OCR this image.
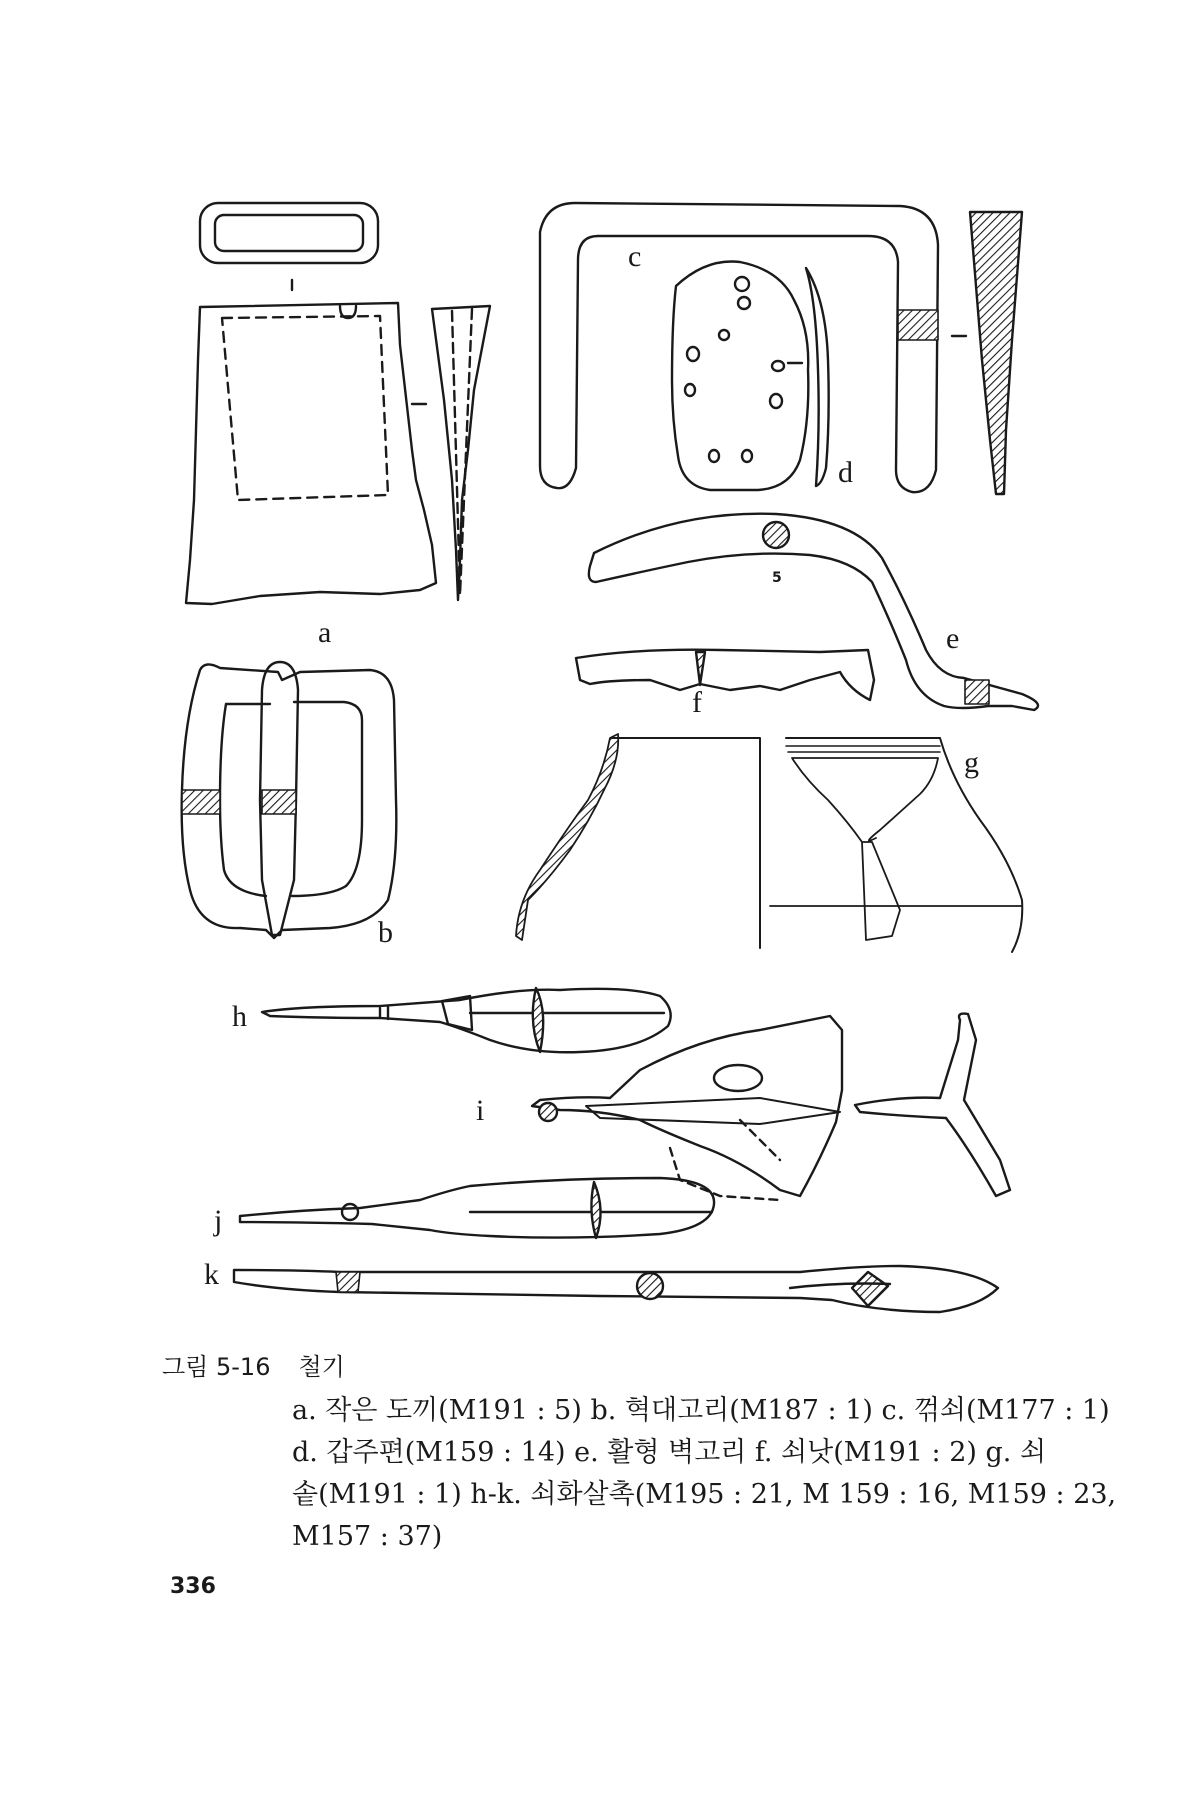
a
b
c
d
e
f
g
h
i
j
k
5
그림 5-16 철기
a. 작은 도끼(M191 : 5) b. 혁대고리(M187 : 1) c. 꺾쇠(M177 : 1)
d. 갑주편(M159 : 14) e. 활형 벽고리 f. 쇠낫(M191 : 2) g. 쇠
솥(M191 : 1) h-k. 쇠화살촉(M195 : 21, M 159 : 16, M159 : 23,
M157 : 37)
336
